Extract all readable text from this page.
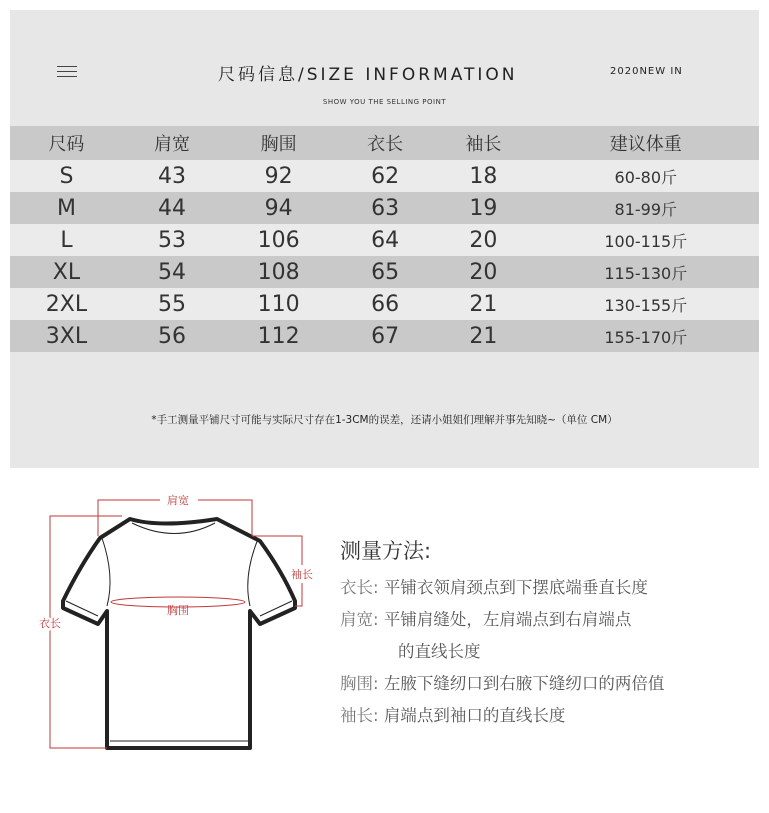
尺码信息/SIZE INFORMATION	2020NEW IN
SHOW YOU THE SELLING POINT
尺码	肩宽	胸围	衣长	袖长	建议体重
S	43	92	62	18	60-80斤
M	44	94	63	19	81-99斤
L	53	106	64	20	100-115斤
XL	54	108	65	20	115-130斤
2XL	55	110	66	21	130-155斤
3XL	56	112	67	21	155-170斤
*手工测量平铺尺寸可能与实际尺寸存在1-3CM的误差，还请小姐姐们理解并事先知晓~（单位 CM）
肩宽
袖长
胸围
衣长
测量方法:

衣长: 平铺衣领肩颈点到下摆底端垂直长度

肩宽: 平铺肩缝处，左肩端点到右肩端点

的直线长度

胸围: 左腋下缝纫口到右腋下缝纫口的两倍值

袖长: 肩端点到袖口的直线长度
